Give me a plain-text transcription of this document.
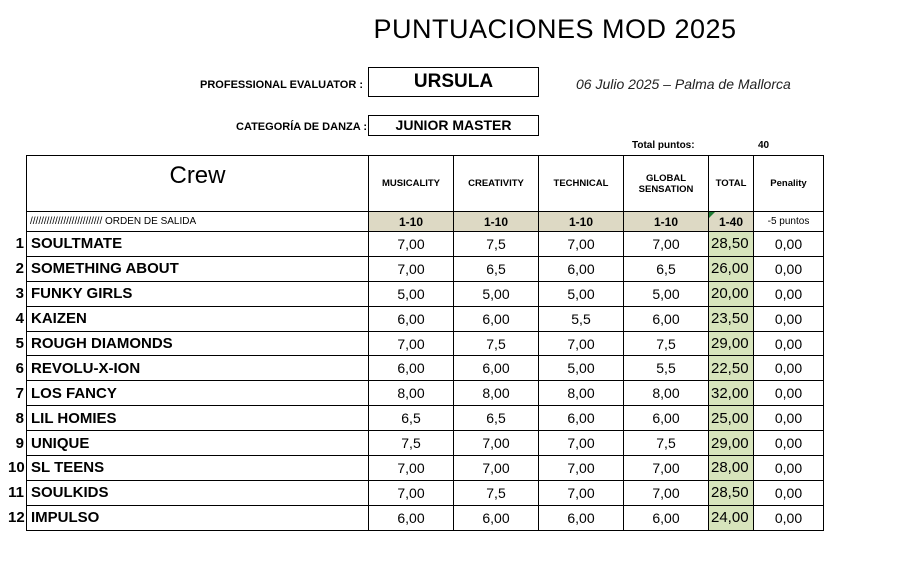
PUNTUACIONES MOD 2025
PROFESSIONAL EVALUATOR :	URSULA	06 Julio 2025 – Palma de Mallorca
CATEGORÍA DE DANZA :	JUNIOR MASTER
Total puntos:	40
Crew	MUSICALITY	CREATIVITY	TECHNICAL	GLOBAL SENSATION	TOTAL	Penality
////////////////////////// ORDEN DE SALIDA	1-10	1-10	1-10	1-10	1-40	-5 puntos

1 SOULTMATE	7,00	7,5	7,00	7,00	28,50	0,00

2 SOMETHING ABOUT	7,00	6,5	6,00	6,5	26,00	0,00

3 FUNKY GIRLS	5,00	5,00	5,00	5,00	20,00	0,00

4 KAIZEN	6,00	6,00	5,5	6,00	23,50	0,00

5 ROUGH DIAMONDS	7,00	7,5	7,00	7,5	29,00	0,00

6 REVOLU-X-ION	6,00	6,00	5,00	5,5	22,50	0,00

7 LOS FANCY	8,00	8,00	8,00	8,00	32,00	0,00

8 LIL HOMIES	6,5	6,5	6,00	6,00	25,00	0,00

9 UNIQUE	7,5	7,00	7,00	7,5	29,00	0,00

10 SL TEENS	7,00	7,00	7,00	7,00	28,00	0,00

11 SOULKIDS	7,00	7,5	7,00	7,00	28,50	0,00

12 IMPULSO	6,00	6,00	6,00	6,00	24,00	0,00
